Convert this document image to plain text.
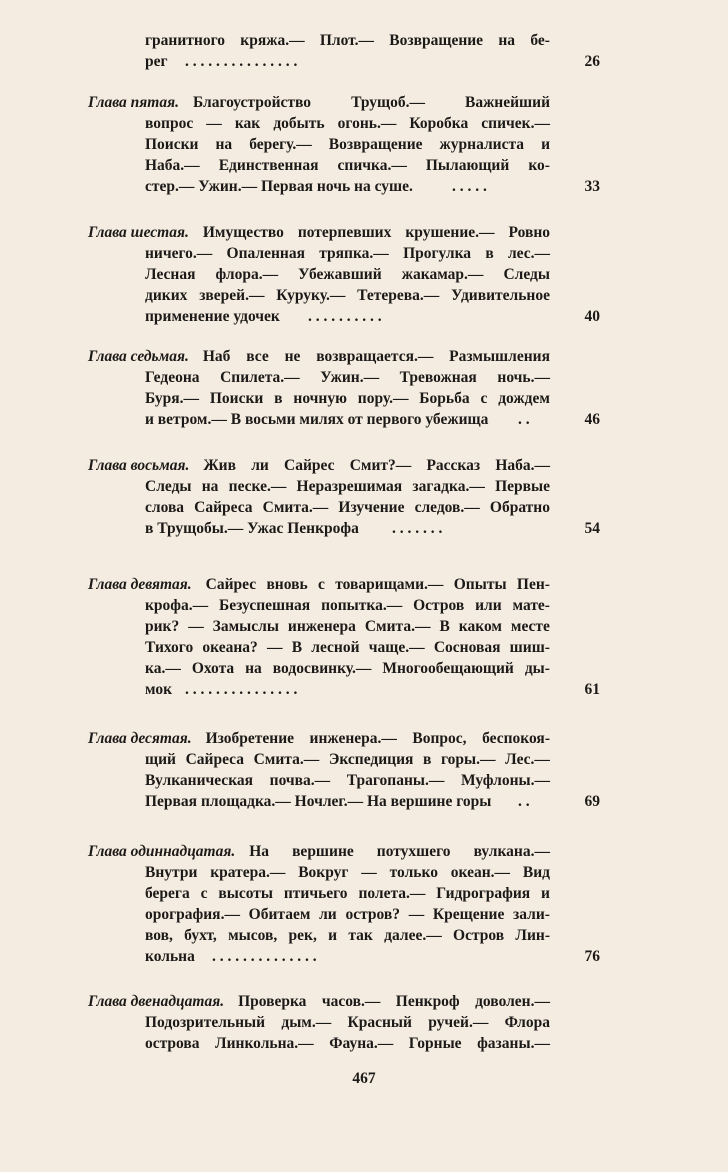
гранитного кряжа.— Плот.— Возвращение на бе-
рег . . . . . . . . . . . . . . .	26
Глава пятая. Благоустройство	Трущоб.—	Важнейший
вопрос — как добыть огонь.— Коробка спичек.—
Поиски на берегу.— Возвращение журналиста и
Наба.— Единственная спичка.— Пылающий ко-
стер.— Ужин.— Первая ночь на суше.	. . . . .	33
Глава шестая. Имущество потерпевших крушение.— Ровно
ничего.— Опаленная тряпка.— Прогулка в лес.—
Лесная флора.— Убежавший жакамар.— Следы
диких зверей.— Куруку.— Тетерева.— Удивительное
применение удочек . . . . . . . . . .	40
Глава седьмая. Наб все не возвращается.— Размышления
Гедеона Спилета.— Ужин.— Тревожная ночь.—
Буря.— Поиски в ночную пору.— Борьба с дождем
и ветром.— В восьми милях от первого убежища . .	46
Глава восьмая. Жив ли Сайрес Смит?— Рассказ Наба.—
Следы на песке.— Неразрешимая загадка.— Первые
слова Сайреса Смита.— Изучение следов.— Обратно
в Трущобы.— Ужас Пенкрофа . . . . . . .	54
Глава девятая. Сайрес вновь с товарищами.— Опыты Пен-
крофа.— Безуспешная попытка.— Остров или мате-
рик? — Замыслы инженера Смита.— В каком месте
Тихого океана? — В лесной чаще.— Сосновая шиш-
ка.— Охота на водосвинку.— Многообещающий ды-
мок . . . . . . . . . . . . . . .	61
Глава десятая. Изобретение инженера.— Вопрос, беспокоя-
щий Сайреса Смита.— Экспедиция в горы.— Лес.—
Вулканическая почва.— Трагопаны.— Муфлоны.—
Первая площадка.— Ночлег.— На вершине горы . .	69
Глава одиннадцатая. На вершине потухшего вулкана.—
Внутри кратера.— Вокруг — только океан.— Вид
берега с высоты птичьего полета.— Гидрография и
орография.— Обитаем ли остров? — Крещение зали-
вов, бухт, мысов, рек, и так далее.— Остров Лин-
кольна . . . . . . . . . . . . . .	76
Глава двенадцатая. Проверка часов.— Пенкроф доволен.—
Подозрительный дым.— Красный ручей.— Флора
острова Линкольна.— Фауна.— Горные фазаны.—
467
